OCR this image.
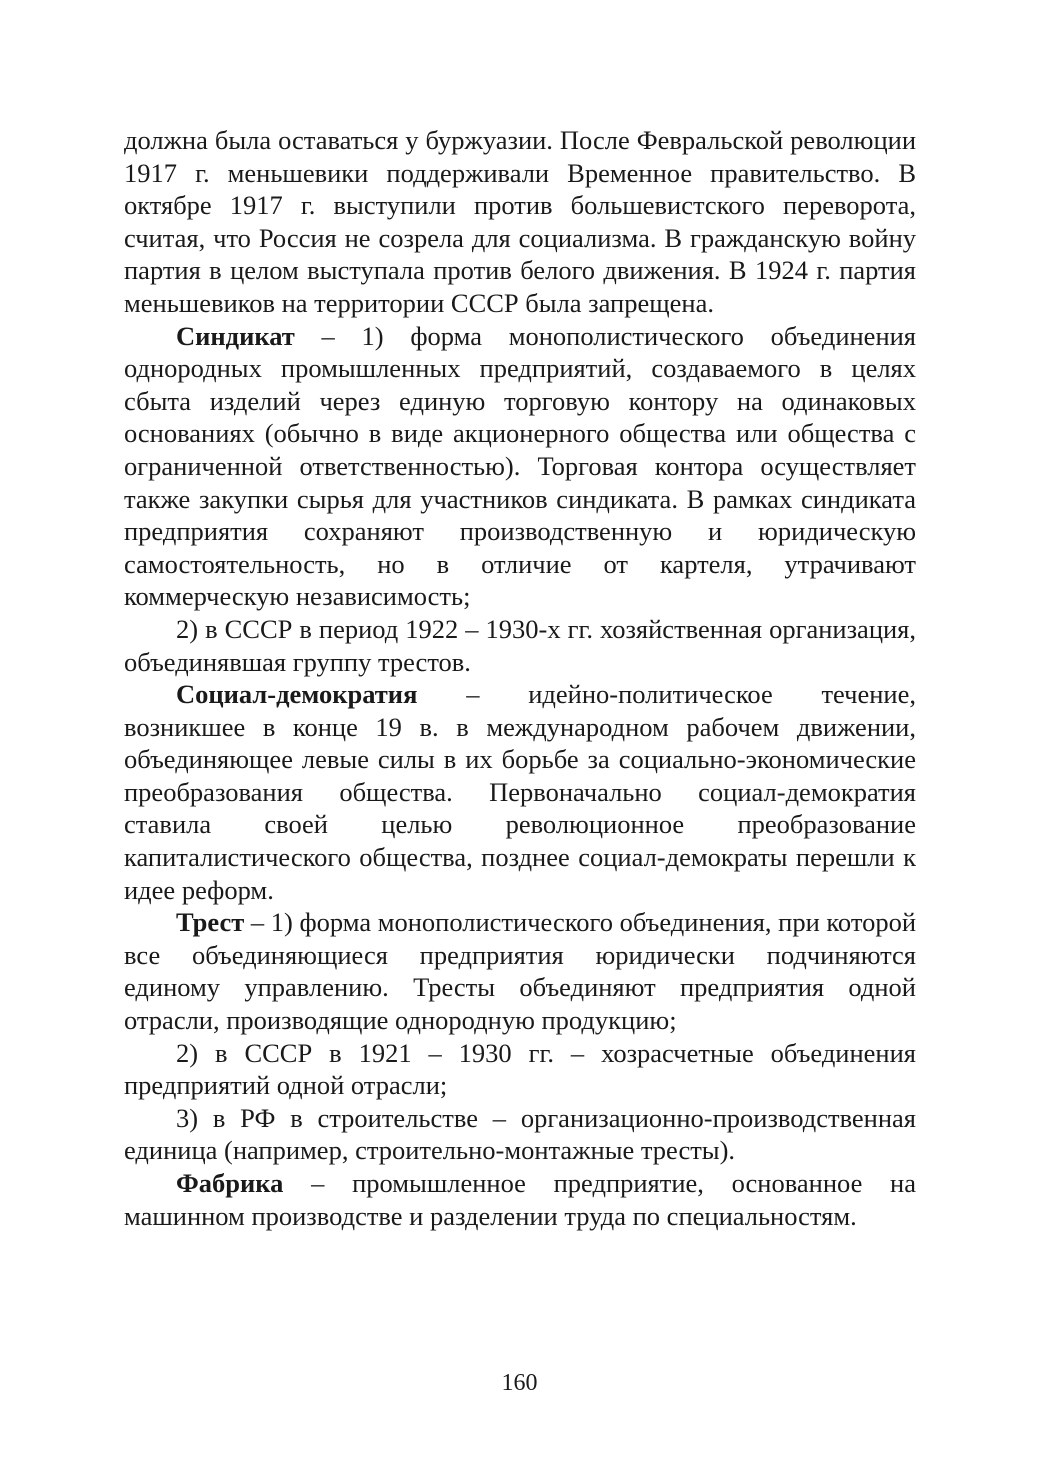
должна была оставаться у буржуазии. После Февральской революции 1917 г. меньшевики поддерживали Временное правительство. В октябре 1917 г. выступили против большевистского переворота, считая, что Россия не созрела для социализма. В гражданскую войну партия в целом выступала против белого движения. В 1924 г. партия меньшевиков на территории СССР была запрещена.

Синдикат – 1) форма монополистического объединения однородных промышленных предприятий, создаваемого в целях сбыта изделий через единую торговую контору на одинаковых основаниях (обычно в виде акционерного общества или общества с ограниченной ответственностью). Торговая контора осуществляет также закупки сырья для участников синдиката. В рамках синдиката предприятия сохраняют производственную и юридическую самостоятельность, но в отличие от картеля, утрачивают коммерческую независимость;

2) в СССР в период 1922 – 1930-х гг. хозяйственная организация, объединявшая группу трестов.

Социал-демократия – идейно-политическое течение, возникшее в конце 19 в. в международном рабочем движении, объединяющее левые силы в их борьбе за социально-экономические преобразования общества. Первоначально социал-демократия ставила своей целью революционное преобразование капиталистического общества, позднее социал-демократы перешли к идее реформ.

Трест – 1) форма монополистического объединения, при которой все объединяющиеся предприятия юридически подчиняются единому управлению. Тресты объединяют предприятия одной отрасли, производящие однородную продукцию;

2) в СССР в 1921 – 1930 гг. – хозрасчетные объединения предприятий одной отрасли;

3) в РФ в строительстве – организационно-производственная единица (например, строительно-монтажные тресты).

Фабрика – промышленное предприятие, основанное на машинном производстве и разделении труда по специальностям.

160
